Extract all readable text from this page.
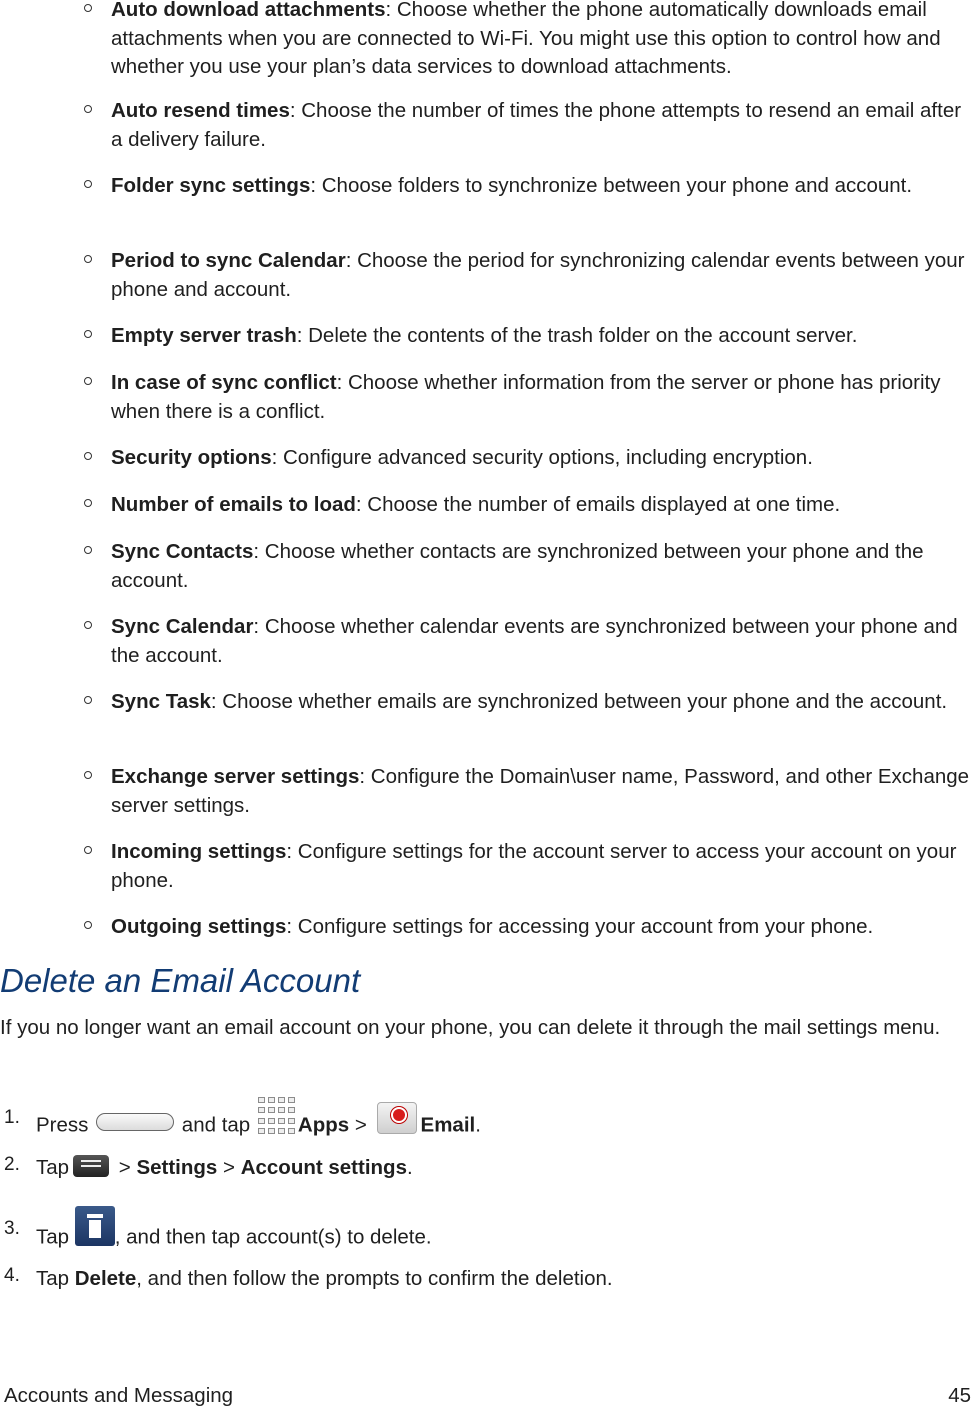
Auto download attachments: Choose whether the phone automatically downloads email attachments when you are connected to Wi-Fi. You might use this option to control how and whether you use your plan’s data services to download attachments.
Auto resend times: Choose the number of times the phone attempts to resend an email after a delivery failure.
Folder sync settings: Choose folders to synchronize between your phone and account.
Period to sync Calendar: Choose the period for synchronizing calendar events between your phone and account.
Empty server trash: Delete the contents of the trash folder on the account server.
In case of sync conflict: Choose whether information from the server or phone has priority when there is a conflict.
Security options: Configure advanced security options, including encryption.
Number of emails to load: Choose the number of emails displayed at one time.
Sync Contacts: Choose whether contacts are synchronized between your phone and the account.
Sync Calendar: Choose whether calendar events are synchronized between your phone and the account.
Sync Task: Choose whether emails are synchronized between your phone and the account.
Exchange server settings: Configure the Domain\user name, Password, and other Exchange server settings.
Incoming settings: Configure settings for the account server to access your account on your phone.
Outgoing settings: Configure settings for accessing your account from your phone.
Delete an Email Account

If you no longer want an email account on your phone, you can delete it through the mail settings menu.

1. Press	and tap
Apps > Email.
2. Tap
> Settings > Account settings.
3. Tap , and then tap account(s) to delete.
4. Tap Delete, and then follow the prompts to confirm the deletion.
Accounts and Messaging	45
